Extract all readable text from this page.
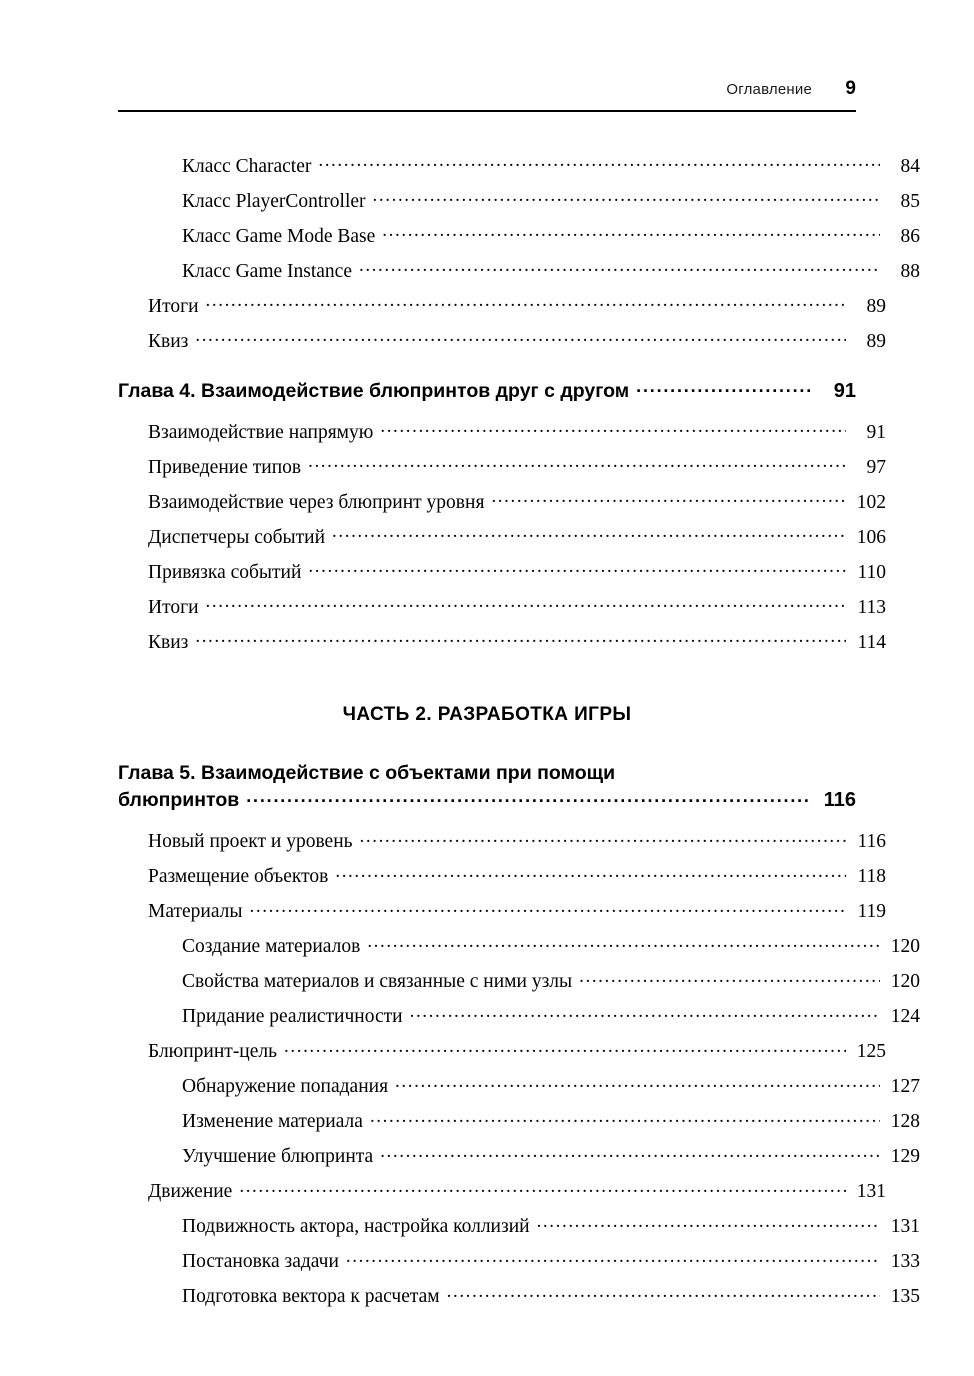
Оглавление 9
Класс Character .....	84
Класс PlayerController .....	85
Класс Game Mode Base .....	86
Класс Game Instance .....	88
Итоги .....	89
Квиз .....	89
Глава 4. Взаимодействие блюпринтов друг с другом .....	91
Взаимодействие напрямую .....	91
Приведение типов .....	97
Взаимодействие через блюпринт уровня .....	102
Диспетчеры событий .....	106
Привязка событий .....	110
Итоги .....	113
Квиз .....	114
ЧАСТЬ 2. РАЗРАБОТКА ИГРЫ
Глава 5. Взаимодействие с объектами при помощи
блюпринтов .....	116
Новый проект и уровень .....	116
Размещение объектов .....	118
Материалы .....	119
Создание материалов .....	120
Свойства материалов и связанные с ними узлы .....	120
Придание реалистичности .....	124
Блюпринт-цель .....	125
Обнаружение попадания .....	127
Изменение материала .....	128
Улучшение блюпринта .....	129
Движение .....	131
Подвижность актора, настройка коллизий .....	131
Постановка задачи .....	133
Подготовка вектора к расчетам .....	135
